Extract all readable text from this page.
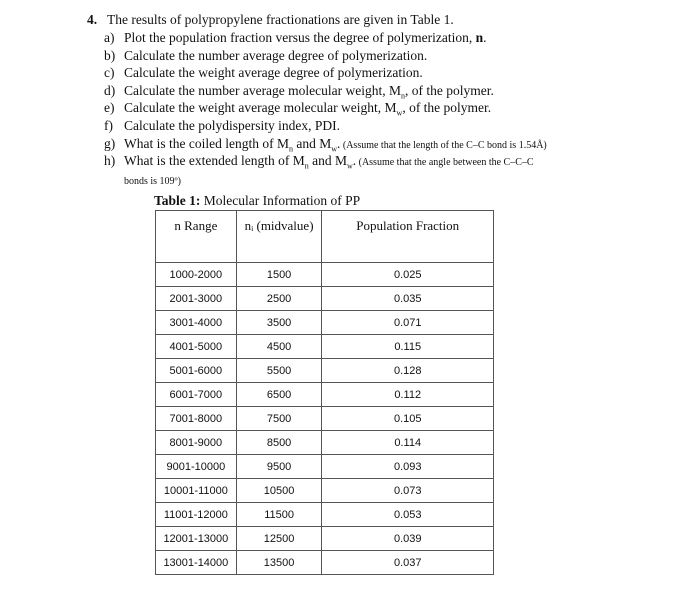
4. The results of polypropylene fractionations are given in Table 1.
a) Plot the population fraction versus the degree of polymerization, n.
b) Calculate the number average degree of polymerization.
c) Calculate the weight average degree of polymerization.
d) Calculate the number average molecular weight, $M_n$, of the polymer.
e) Calculate the weight average molecular weight, $M_w$, of the polymer.
f) Calculate the polydispersity index, PDI.
g) What is the coiled length of $M_n$ and $M_w$. (Assume that the length of the C–C bond is 1.54Å)
h) What is the extended length of $M_n$ and $M_w$. (Assume that the angle between the C–C–C
bonds is 109º)
Table 1: Molecular Information of PP
n Range	nᵢ (midvalue)	Population Fraction
1000-2000	1500	0.025
2001-3000	2500	0.035
3001-4000	3500	0.071
4001-5000	4500	0.115
5001-6000	5500	0.128
6001-7000	6500	0.112
7001-8000	7500	0.105
8001-9000	8500	0.114
9001-10000	9500	0.093
10001-11000	10500	0.073
11001-12000	11500	0.053
12001-13000	12500	0.039
13001-14000	13500	0.037
